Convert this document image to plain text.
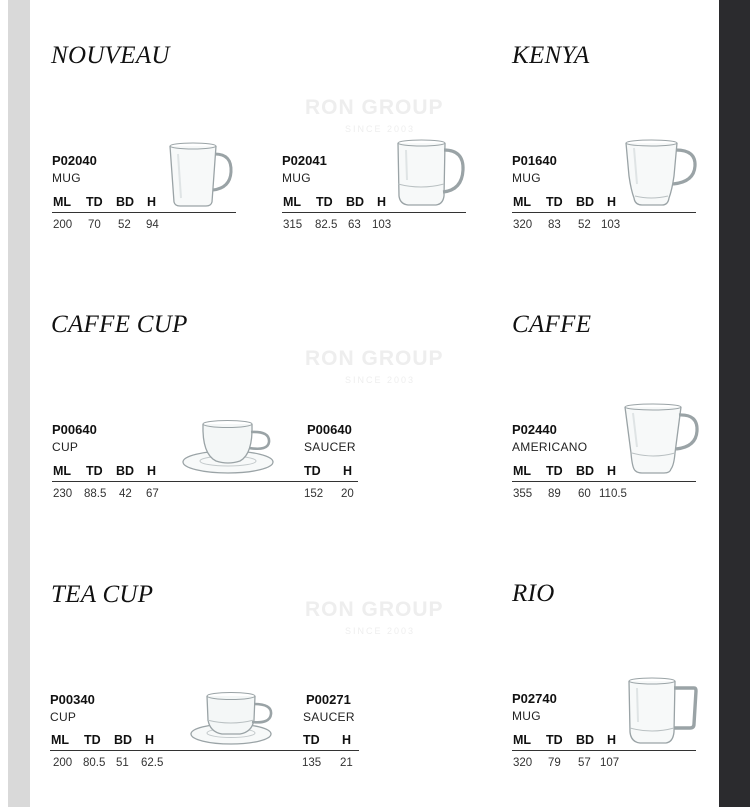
RON GROUP
SINCE 2003
RON GROUP
SINCE 2003
RON GROUP
SINCE 2003
NOUVEAU	KENYA
CAFFE CUP	CAFFE
TEA CUP	RIO
P02040
MUG
ML TD BD H
200 70 52 94
P02041
MUG
ML TD BD H
315 82.5 63 103
P01640
MUG
ML TD BD H
320 83 52 103
P00640
CUP
ML TD BD H
230 88.5 42 67
P00640
SAUCER
TD H
152 20
P02440
AMERICANO
ML TD BD H
355 89 60 110.5
P00340
CUP
ML TD BD H
200 80.5 51 62.5
P00271
SAUCER
TD H
135 21
P02740
MUG
ML TD BD H
320 79 57 107
